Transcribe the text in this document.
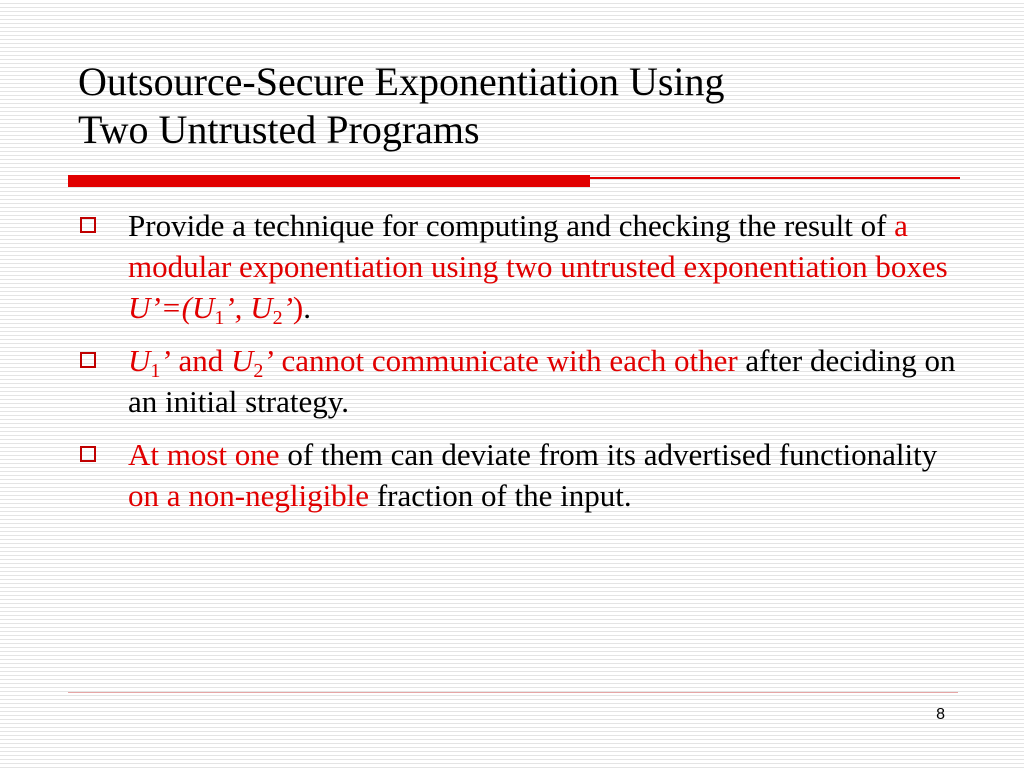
Outsource-Secure Exponentiation Using
Two Untrusted Programs
Provide a technique for computing and checking the result of a modular exponentiation using two untrusted exponentiation boxes
$U’=(U_1$’, $U_2$’).
$U_1$’ and $U_2$’ cannot communicate with each other after deciding on an initial strategy.
At most one of them can deviate from its advertised functionality on a non-negligible fraction of the input.
8
